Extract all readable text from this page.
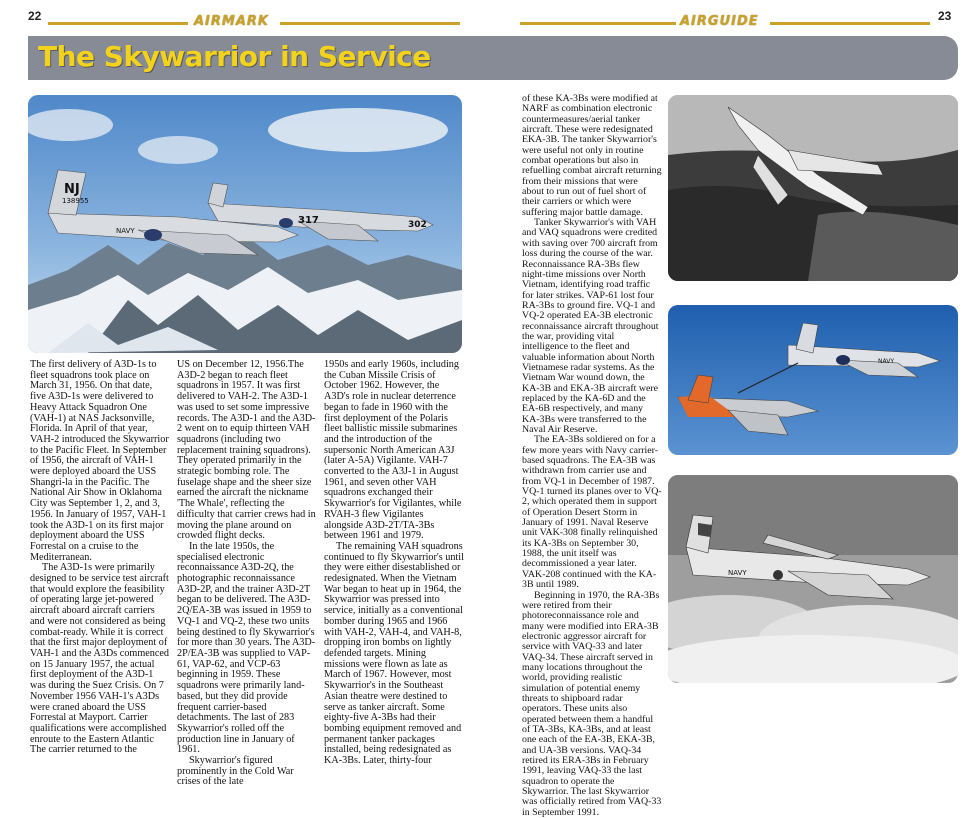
22	AIRMARK	AIRGUIDE	23
The Skywarrior in Service
NJ
138955
NAVY
317	302
NAVY
NAVY

The first delivery of A3D-1s to fleet squadrons took place on March 31, 1956. On that date, five A3D-1s were delivered to Heavy Attack Squadron One (VAH-1) at NAS Jacksonville, Florida. In April of that year, VAH-2 introduced the Skywarrior to the Pacific Fleet. In September of 1956, the aircraft of VAH-1 were deployed aboard the USS Shangri-la in the Pacific. The National Air Show in Oklahoma City was September 1, 2, and 3, 1956. In January of 1957, VAH-1 took the A3D-1 on its first major deployment aboard the USS Forrestal on a cruise to the Mediterranean.

The A3D-1s were primarily designed to be service test aircraft that would explore the feasibility of operating large jet-powered aircraft aboard aircraft carriers and were not considered as being combat-ready. While it is correct that the first major deployment of VAH-1 and the A3Ds commenced on 15 January 1957, the actual first deployment of the A3D-1 was during the Suez Crisis. On 7 November 1956 VAH-1's A3Ds were craned aboard the USS Forrestal at Mayport. Carrier qualifications were accomplished enroute to the Eastern Atlantic The carrier returned to the

US on December 12, 1956.The A3D-2 began to reach fleet squadrons in 1957. It was first delivered to VAH-2. The A3D-1 was used to set some impressive records. The A3D-1 and the A3D-2 went on to equip thirteen VAH squadrons (including two replacement training squadrons). They operated primarily in the strategic bombing role. The fuselage shape and the sheer size earned the aircraft the nickname 'The Whale', reflecting the difficulty that carrier crews had in moving the plane around on crowded flight decks.

In the late 1950s, the specialised electronic reconnaissance A3D-2Q, the photographic reconnaissance A3D-2P, and the trainer A3D-2T began to be delivered. The A3D-2Q/EA-3B was issued in 1959 to VQ-1 and VQ-2, these two units being destined to fly Skywarrior's for more than 30 years. The A3D-2P/EA-3B was supplied to VAP-61, VAP-62, and VCP-63 beginning in 1959. These squadrons were primarily land-based, but they did provide frequent carrier-based detachments. The last of 283 Skywarrior's rolled off the production line in January of 1961.

Skywarrior's figured prominently in the Cold War crises of the late

1950s and early 1960s, including the Cuban Missile Crisis of October 1962. However, the A3D's role in nuclear deterrence began to fade in 1960 with the first deployment of the Polaris fleet ballistic missile submarines and the introduction of the supersonic North American A3J (later A-5A) Vigilante. VAH-7 converted to the A3J-1 in August 1961, and seven other VAH squadrons exchanged their Skywarrior's for Vigilantes, while RVAH-3 flew Vigilantes alongside A3D-2T/TA-3Bs between 1961 and 1979.

The remaining VAH squadrons continued to fly Skywarrior's until they were either disestablished or redesignated. When the Vietnam War began to heat up in 1964, the Skywarrior was pressed into service, initially as a conventional bomber during 1965 and 1966 with VAH-2, VAH-4, and VAH-8, dropping iron bombs on lightly defended targets. Mining missions were flown as late as March of 1967. However, most Skywarrior's in the Southeast Asian theatre were destined to serve as tanker aircraft. Some eighty-five A-3Bs had their bombing equipment removed and permanent tanker packages installed, being redesignated as KA-3Bs. Later, thirty-four

of these KA-3Bs were modified at NARF as combination electronic countermeasures/aerial tanker aircraft. These were redesignated EKA-3B. The tanker Skywarrior's were useful not only in routine combat operations but also in refuelling combat aircraft returning from their missions that were about to run out of fuel short of their carriers or which were suffering major battle damage.

Tanker Skywarrior's with VAH and VAQ squadrons were credited with saving over 700 aircraft from loss during the course of the war. Reconnaissance RA-3Bs flew night-time missions over North Vietnam, identifying road traffic for later strikes. VAP-61 lost four RA-3Bs to ground fire. VQ-1 and VQ-2 operated EA-3B electronic reconnaissance aircraft throughout the war, providing vital intelligence to the fleet and valuable information about North Vietnamese radar systems. As the Vietnam War wound down, the KA-3B and EKA-3B aircraft were replaced by the KA-6D and the EA-6B respectively, and many KA-3Bs were transferred to the Naval Air Reserve.

The EA-3Bs soldiered on for a few more years with Navy carrier-based squadrons. The EA-3B was withdrawn from carrier use and from VQ-1 in December of 1987. VQ-1 turned its planes over to VQ-2, which operated them in support of Operation Desert Storm in January of 1991. Naval Reserve unit VAK-308 finally relinquished its KA-3Bs on September 30, 1988, the unit itself was decommissioned a year later. VAK-208 continued with the KA-3B until 1989.

Beginning in 1970, the RA-3Bs were retired from their photoreconnaissance role and many were modified into ERA-3B electronic aggressor aircraft for service with VAQ-33 and later VAQ-34. These aircraft served in many locations throughout the world, providing realistic simulation of potential enemy threats to shipboard radar operators. These units also operated between them a handful of TA-3Bs, KA-3Bs, and at least one each of the EA-3B, EKA-3B, and UA-3B versions. VAQ-34 retired its ERA-3Bs in February 1991, leaving VAQ-33 the last squadron to operate the Skywarrior. The last Skywarrior was officially retired from VAQ-33 in September 1991.
